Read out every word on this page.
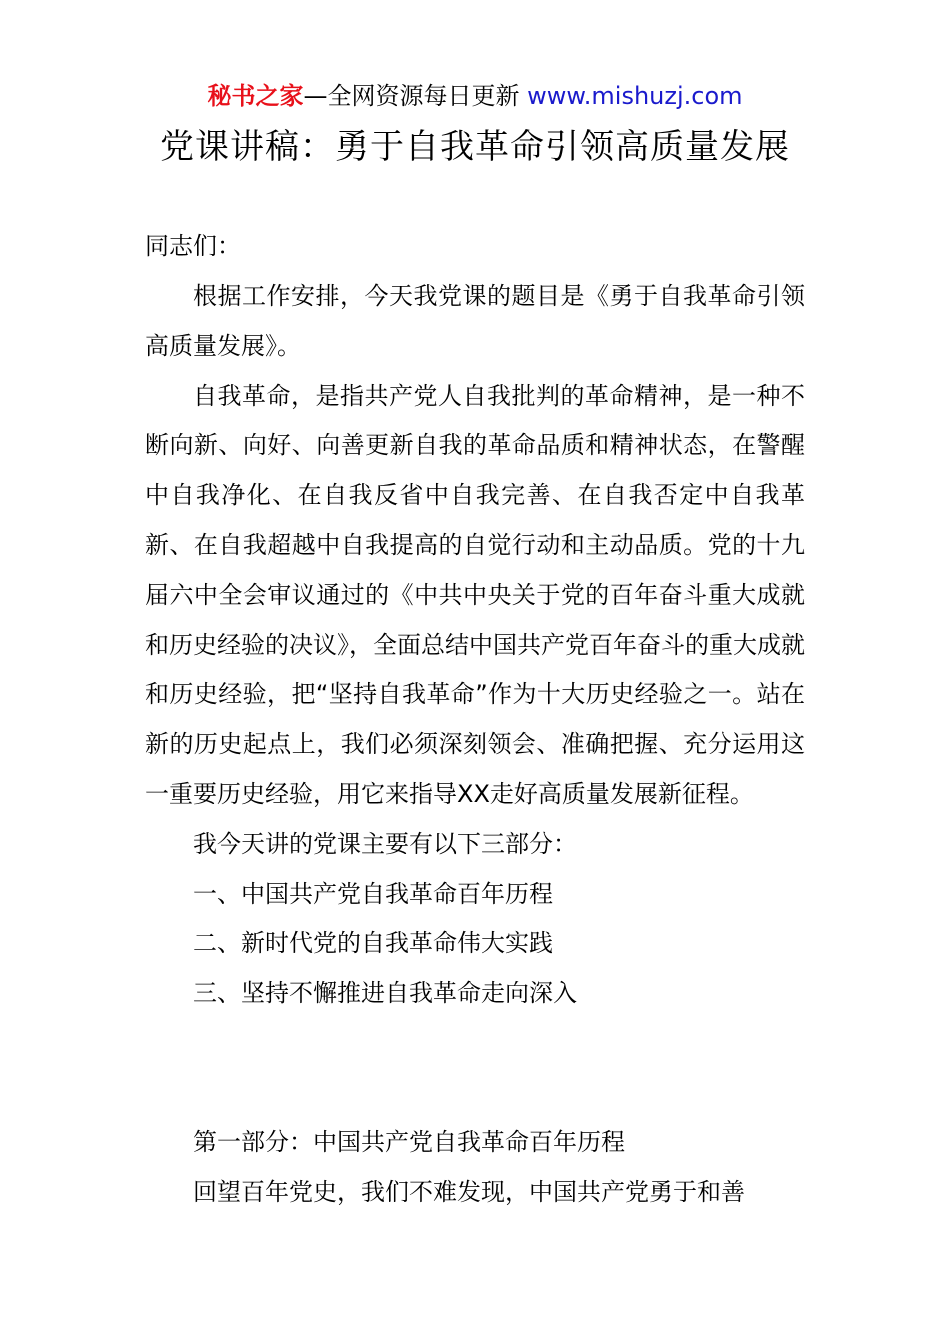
秘书之家—全网资源每日更新 www.mishuzj.com
党课讲稿：勇于自我革命引领高质量发展

同志们：

根据工作安排，今天我党课的题目是《勇于自我革命引领高质量发展》。

自我革命，是指共产党人自我批判的革命精神，是一种不断向新、向好、向善更新自我的革命品质和精神状态，在警醒中自我净化、在自我反省中自我完善、在自我否定中自我革新、在自我超越中自我提高的自觉行动和主动品质。党的十九届六中全会审议通过的《中共中央关于党的百年奋斗重大成就和历史经验的决议》，全面总结中国共产党百年奋斗的重大成就和历史经验，把“坚持自我革命”作为十大历史经验之一。站在新的历史起点上，我们必须深刻领会、准确把握、充分运用这一重要历史经验，用它来指导XX走好高质量发展新征程。

我今天讲的党课主要有以下三部分：

一、中国共产党自我革命百年历程

二、新时代党的自我革命伟大实践

三、坚持不懈推进自我革命走向深入

第一部分：中国共产党自我革命百年历程

回望百年党史，我们不难发现，中国共产党勇于和善
